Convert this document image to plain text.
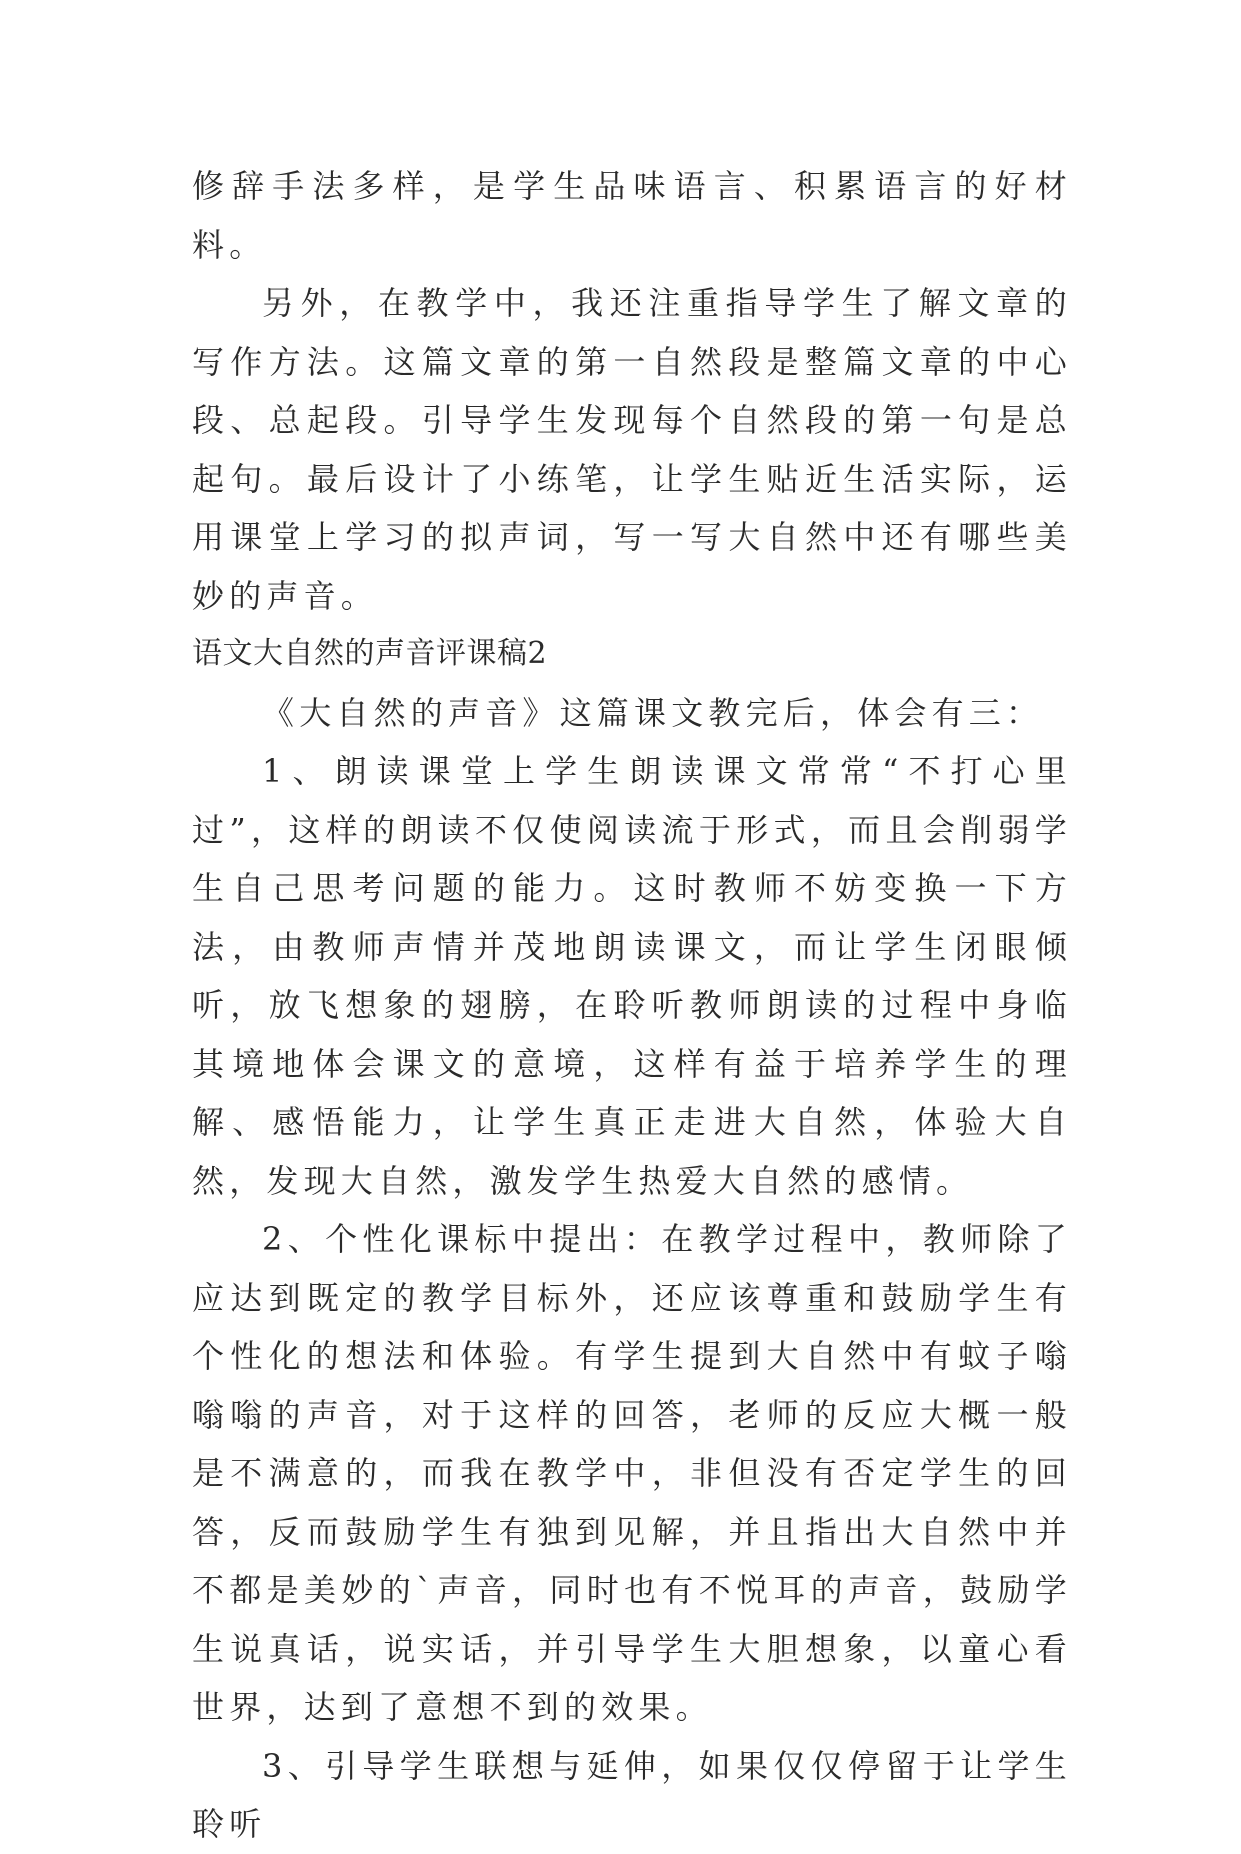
修辞手法多样，是学生品味语言、积累语言的好材料。

另外，在教学中，我还注重指导学生了解文章的写作方法。这篇文章的第一自然段是整篇文章的中心段、总起段。引导学生发现每个自然段的第一句是总起句。最后设计了小练笔，让学生贴近生活实际，运用课堂上学习的拟声词，写一写大自然中还有哪些美妙的声音。

语文大自然的声音评课稿2

《大自然的声音》这篇课文教完后，体会有三：

1、朗读课堂上学生朗读课文常常“不打心里过”，这样的朗读不仅使阅读流于形式，而且会削弱学生自己思考问题的能力。这时教师不妨变换一下方法，由教师声情并茂地朗读课文，而让学生闭眼倾听，放飞想象的翅膀，在聆听教师朗读的过程中身临其境地体会课文的意境，这样有益于培养学生的理解、感悟能力，让学生真正走进大自然，体验大自然，发现大自然，激发学生热爱大自然的感情。

2、个性化课标中提出：在教学过程中，教师除了应达到既定的教学目标外，还应该尊重和鼓励学生有个性化的想法和体验。有学生提到大自然中有蚊子嗡嗡嗡的声音，对于这样的回答，老师的反应大概一般是不满意的，而我在教学中，非但没有否定学生的回答，反而鼓励学生有独到见解，并且指出大自然中并不都是美妙的`声音，同时也有不悦耳的声音，鼓励学生说真话，说实话，并引导学生大胆想象，以童心看世界，达到了意想不到的效果。

3、引导学生联想与延伸，如果仅仅停留于让学生聆听
